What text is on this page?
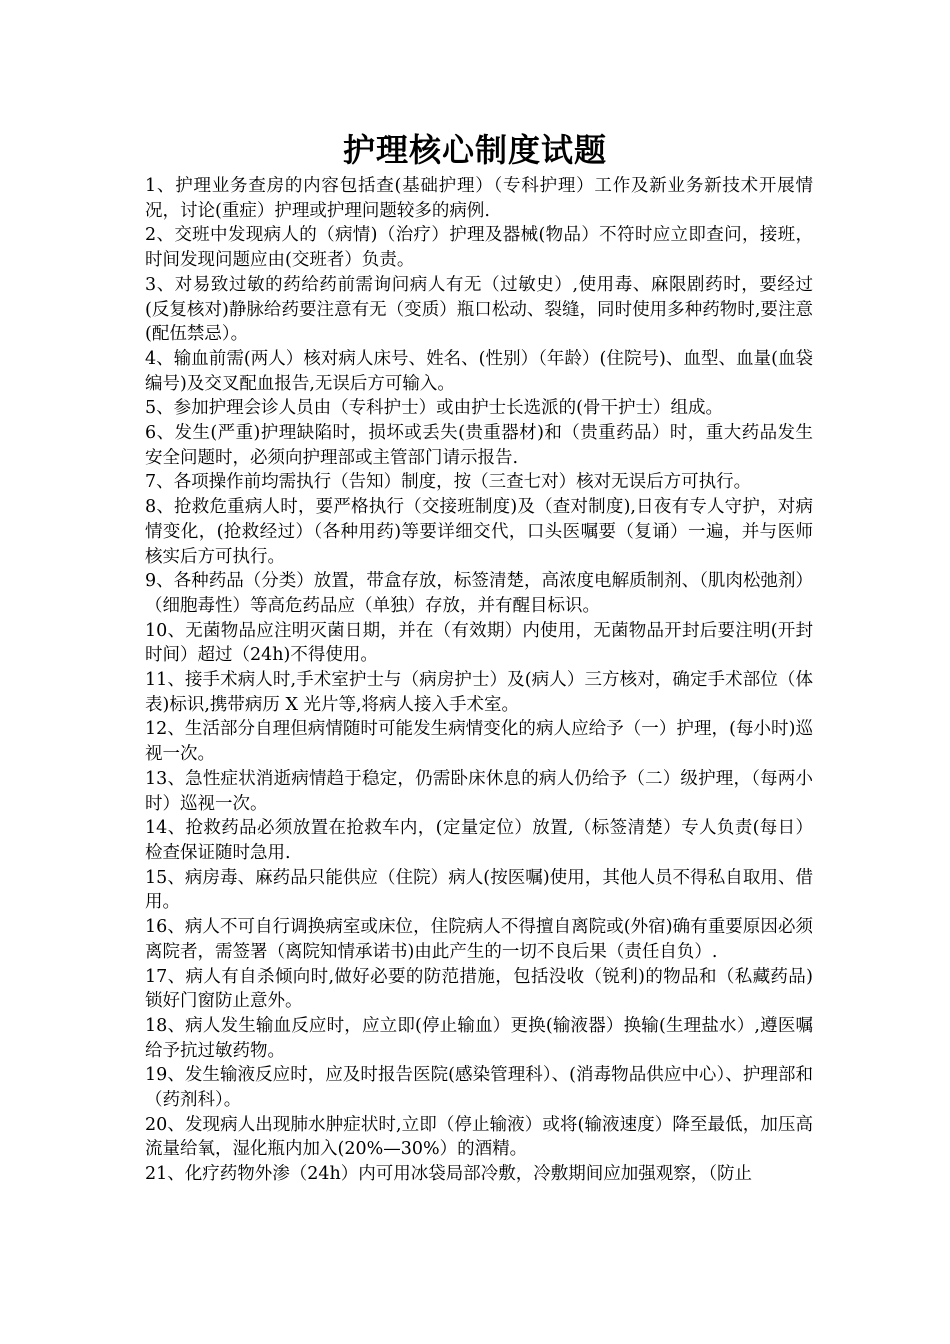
护理核心制度试题

1、护理业务查房的内容包括查(基础护理）（专科护理）工作及新业务新技术开展情况，讨论(重症）护理或护理问题较多的病例.

2、交班中发现病人的（病情)（治疗）护理及器械(物品）不符时应立即查问，接班，时间发现问题应由(交班者）负责。

3、对易致过敏的药给药前需询问病人有无（过敏史）,使用毒、麻限剧药时，要经过(反复核对)静脉给药要注意有无（变质）瓶口松动、裂缝，同时使用多种药物时,要注意(配伍禁忌）。

4、输血前需(两人）核对病人床号、姓名、(性别）（年龄）(住院号)、血型、血量(血袋编号)及交叉配血报告,无误后方可输入。

5、参加护理会诊人员由（专科护士）或由护士长选派的(骨干护士）组成。

6、发生(严重)护理缺陷时，损坏或丢失(贵重器材)和（贵重药品）时，重大药品发生安全问题时，必须向护理部或主管部门请示报告.

7、各项操作前均需执行（告知）制度，按（三查七对）核对无误后方可执行。

8、抢救危重病人时，要严格执行（交接班制度)及（查对制度),日夜有专人守护，对病情变化，(抢救经过）（各种用药)等要详细交代，口头医嘱要（复诵）一遍，并与医师核实后方可执行。

9、各种药品（分类）放置，带盒存放，标签清楚，高浓度电解质制剂、（肌肉松弛剂）（细胞毒性）等高危药品应（单独）存放，并有醒目标识。

10、无菌物品应注明灭菌日期，并在（有效期）内使用，无菌物品开封后要注明(开封时间）超过（24h)不得使用。

11、接手术病人时,手术室护士与（病房护士）及(病人）三方核对，确定手术部位（体表)标识,携带病历 X 光片等,将病人接入手术室。

12、生活部分自理但病情随时可能发生病情变化的病人应给予（一）护理，(每小时)巡视一次。

13、急性症状消逝病情趋于稳定，仍需卧床休息的病人仍给予（二）级护理，（每两小时）巡视一次。

14、抢救药品必须放置在抢救车内，(定量定位）放置,（标签清楚）专人负责(每日）检查保证随时急用.

15、病房毒、麻药品只能供应（住院）病人(按医嘱)使用，其他人员不得私自取用、借用。

16、病人不可自行调换病室或床位，住院病人不得擅自离院或(外宿)确有重要原因必须离院者，需签署（离院知情承诺书)由此产生的一切不良后果（责任自负）.

17、病人有自杀倾向时,做好必要的防范措施，包括没收（锐利)的物品和（私藏药品)锁好门窗防止意外。

18、病人发生输血反应时，应立即(停止输血）更换(输液器）换输(生理盐水）,遵医嘱给予抗过敏药物。

19、发生输液反应时，应及时报告医院(感染管理科）、(消毒物品供应中心）、护理部和（药剂科）。

20、发现病人出现肺水肿症状时,立即（停止输液）或将(输液速度）降至最低，加压高流量给氧，湿化瓶内加入(20%—30%）的酒精。

21、化疗药物外渗（24h）内可用冰袋局部冷敷，冷敷期间应加强观察，（防止
